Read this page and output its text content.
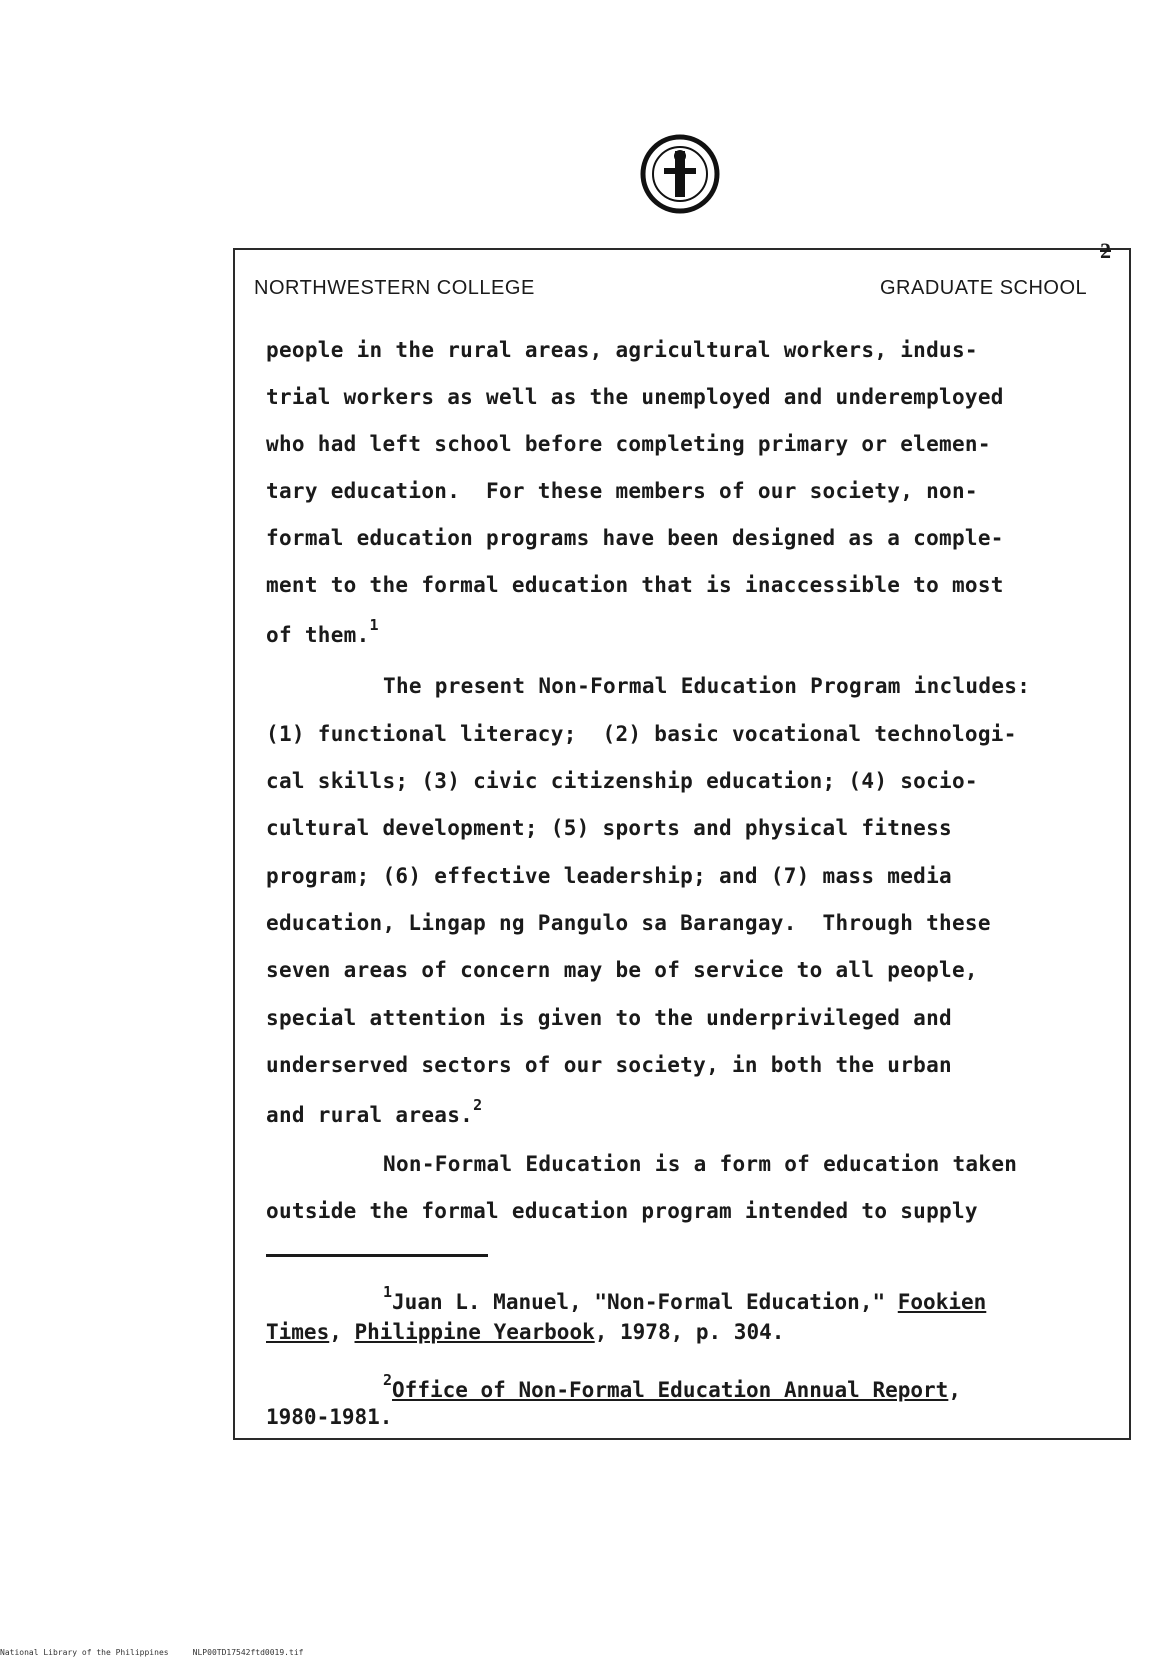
2
NORTHWESTERN COLLEGE	GRADUATE SCHOOL
people in the rural areas, agricultural workers, indus-
trial workers as well as the unemployed and underemployed
who had left school before completing primary or elemen-
tary education.  For these members of our society, non-
formal education programs have been designed as a comple-
ment to the formal education that is inaccessible to most
of them.$^1$
The present Non-Formal Education Program includes:
(1) functional literacy;  (2) basic vocational technologi-
cal skills; (3) civic citizenship education; (4) socio-
cultural development; (5) sports and physical fitness
program; (6) effective leadership; and (7) mass media
education, Lingap ng Pangulo sa Barangay.  Through these
seven areas of concern may be of service to all people,
special attention is given to the underprivileged and
underserved sectors of our society, in both the urban
and rural areas.$^2$
Non-Formal Education is a form of education taken
outside the formal education program intended to supply
$^1$Juan L. Manuel, "Non-Formal Education," Fookien
Times, Philippine Yearbook, 1978, p. 304.
$^2$Office of Non-Formal Education Annual Report,
1980-1981.
National Library of the Philippines	NLP00TD17542ftd0019.tif
